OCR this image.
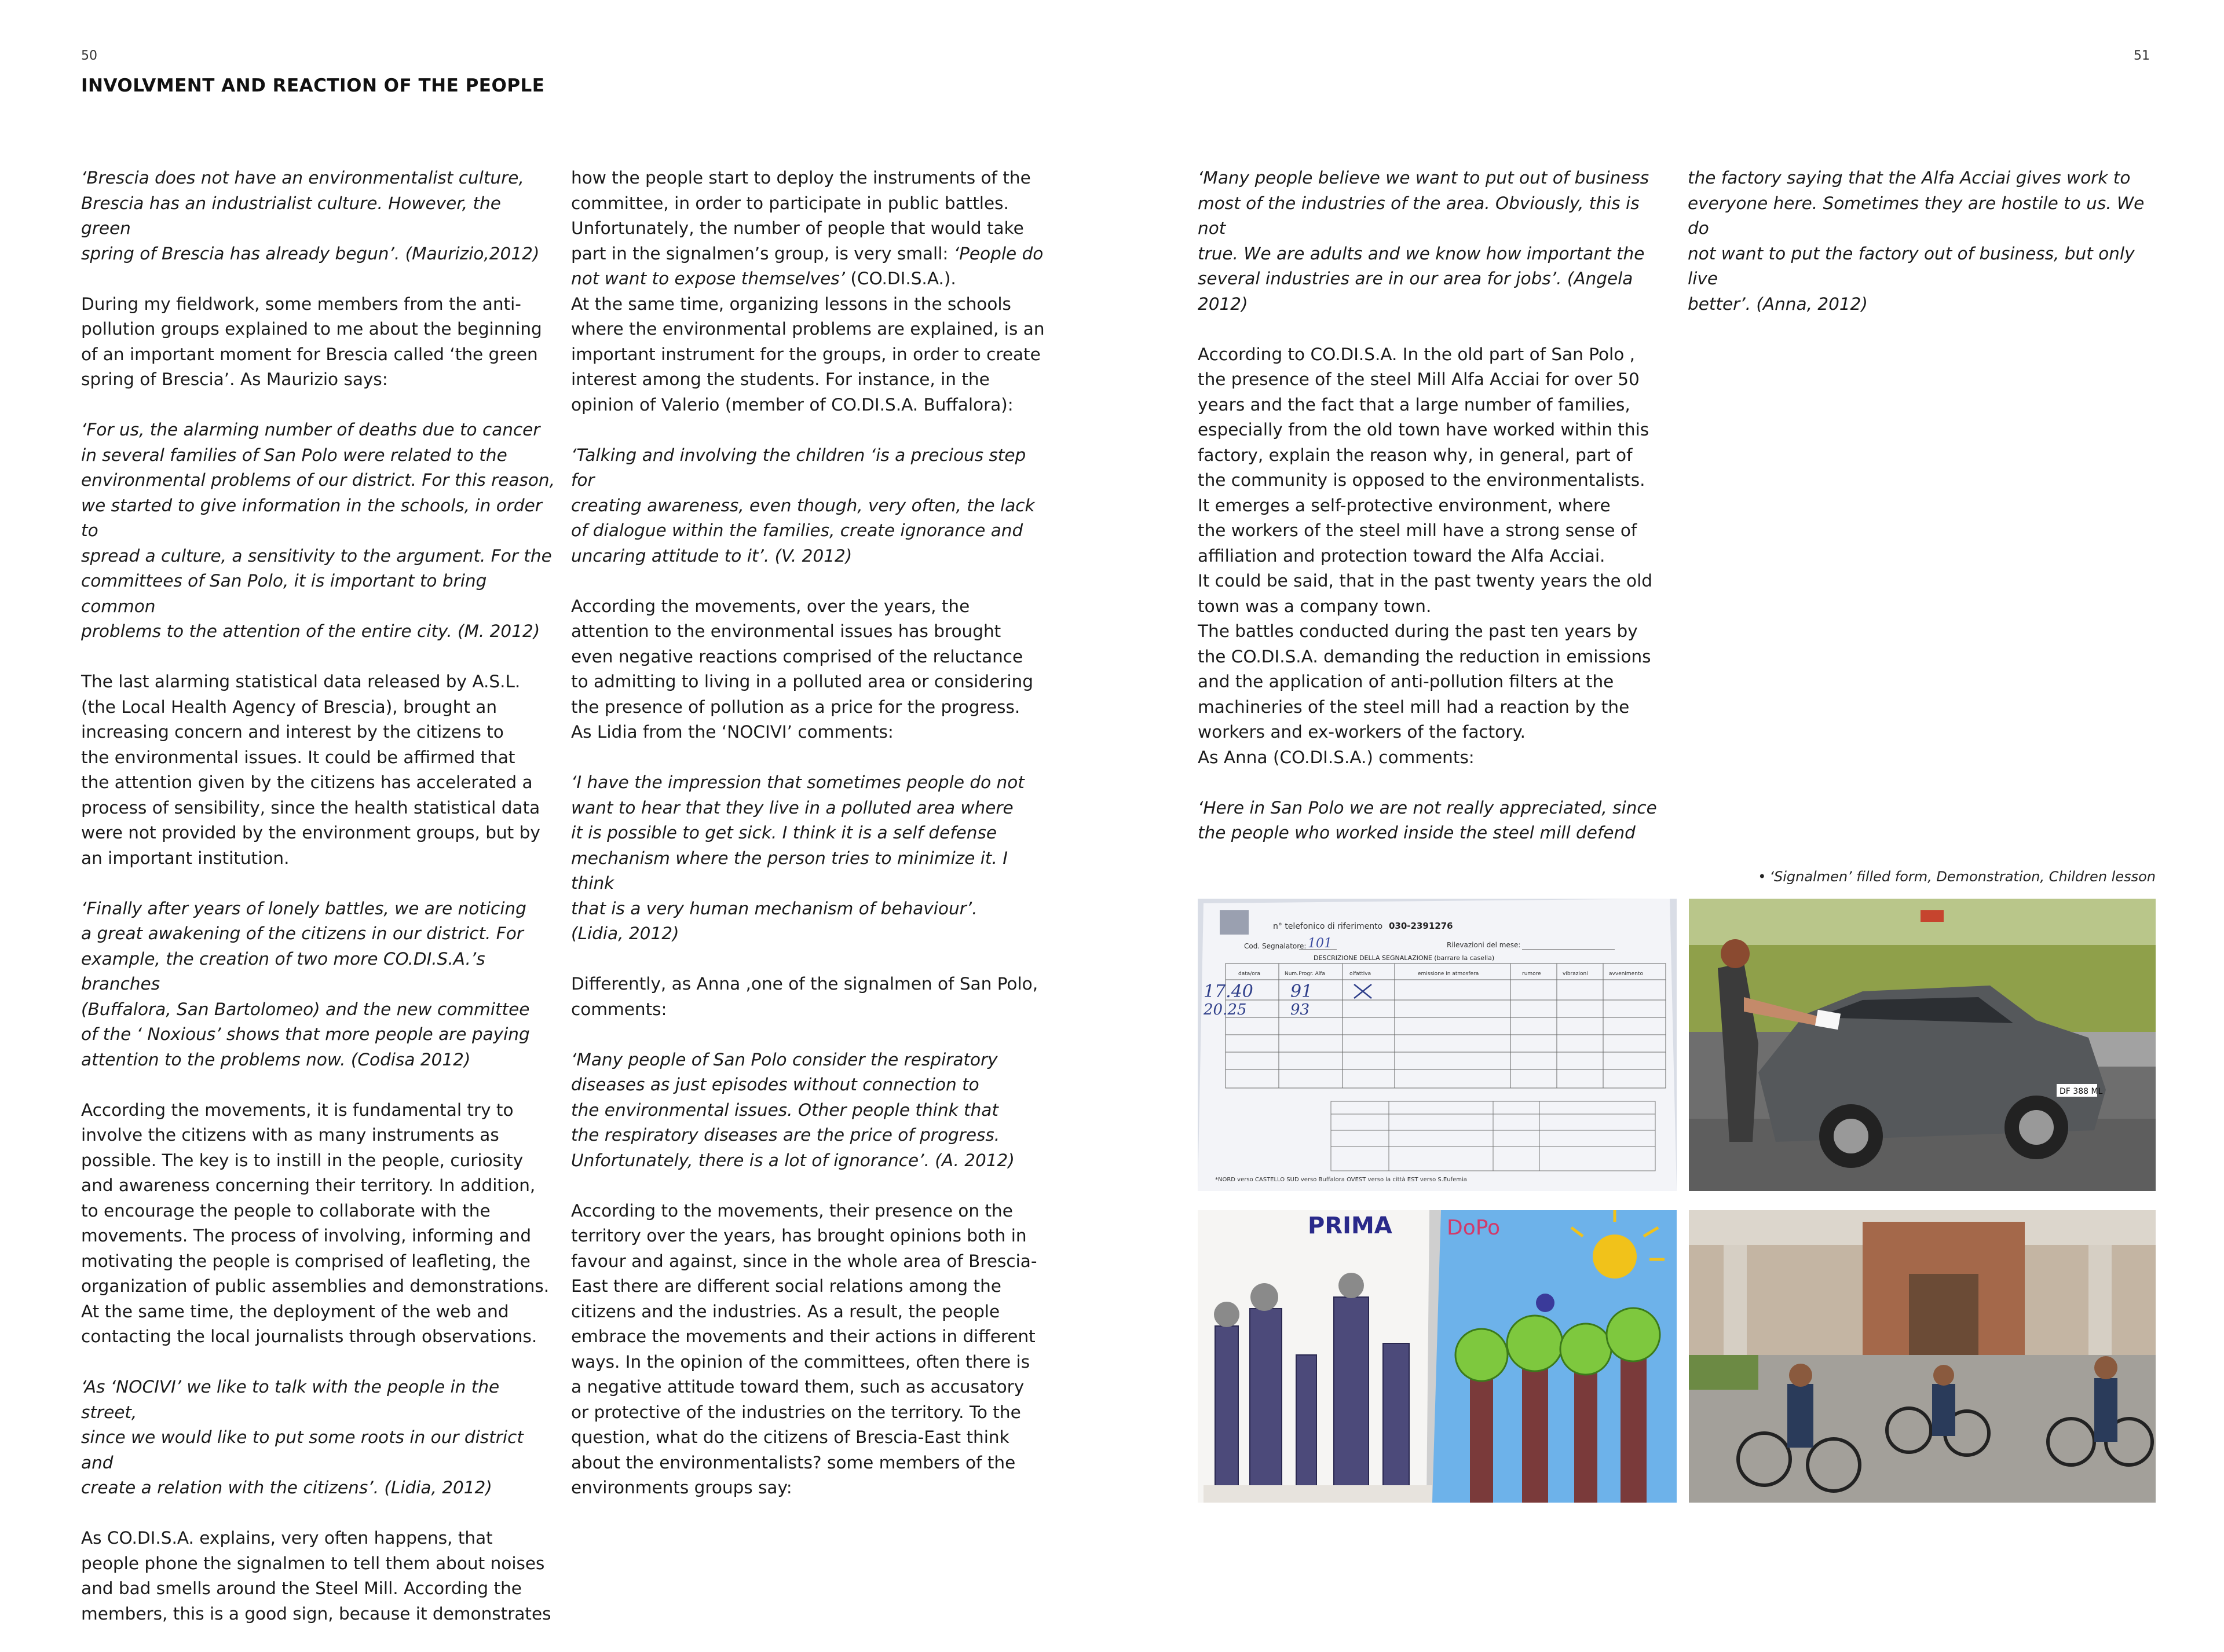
50
INVOLVMENT AND REACTION OF THE PEOPLE

‘Brescia does not have an environmentalist culture,
Brescia has an industrialist culture. However, the green
spring of Brescia has already begun’. (Maurizio,2012)

During my fieldwork, some members from the anti-
pollution groups explained to me about the beginning
of an important moment for Brescia called ‘the green
spring of Brescia’. As Maurizio says:

‘For us, the alarming number of deaths due to cancer
in several families of San Polo were related to the
environmental problems of our district. For this reason,
we started to give information in the schools, in order to
spread a culture, a sensitivity to the argument. For the
committees of San Polo, it is important to bring common
problems to the attention of the entire city. (M. 2012)

The last alarming statistical data released by A.S.L.
(the Local Health Agency of Brescia), brought an
increasing concern and interest by the citizens to
the environmental issues. It could be affirmed that
the attention given by the citizens has accelerated a
process of sensibility, since the health statistical data
were not provided by the environment groups, but by
an important institution.

‘Finally after years of lonely battles, we are noticing
a great awakening of the citizens in our district. For
example, the creation of two more CO.DI.S.A.’s branches
(Buffalora, San Bartolomeo) and the new committee
of the ‘ Noxious’ shows that more people are paying
attention to the problems now. (Codisa 2012)

According the movements, it is fundamental try to
involve the citizens with as many instruments as
possible. The key is to instill in the people, curiosity
and awareness concerning their territory. In addition,
to encourage the people to collaborate with the
movements. The process of involving, informing and
motivating the people is comprised of leafleting, the
organization of public assemblies and demonstrations.
At the same time, the deployment of the web and
contacting the local journalists through observations.

‘As ‘NOCIVI’ we like to talk with the people in the street,
since we would like to put some roots in our district and
create a relation with the citizens’. (Lidia, 2012)

As CO.DI.S.A. explains, very often happens, that
people phone the signalmen to tell them about noises
and bad smells around the Steel Mill. According the
members, this is a good sign, because it demonstrates

how the people start to deploy the instruments of the
committee, in order to participate in public battles.
Unfortunately, the number of people that would take
part in the signalmen’s group, is very small: ‘People do
not want to expose themselves’ (CO.DI.S.A.).

At the same time, organizing lessons in the schools
where the environmental problems are explained, is an
important instrument for the groups, in order to create
interest among the students. For instance, in the
opinion of Valerio (member of CO.DI.S.A. Buffalora):

‘Talking and involving the children ‘is a precious step for
creating awareness, even though, very often, the lack
of dialogue within the families, create ignorance and
uncaring attitude to it’. (V. 2012)

According the movements, over the years, the
attention to the environmental issues has brought
even negative reactions comprised of the reluctance
to admitting to living in a polluted area or considering
the presence of pollution as a price for the progress.
As Lidia from the ‘NOCIVI’ comments:

‘I have the impression that sometimes people do not
want to hear that they live in a polluted area where
it is possible to get sick. I think it is a self defense
mechanism where the person tries to minimize it. I think
that is a very human mechanism of behaviour’.
(Lidia, 2012)

Differently, as Anna ,one of the signalmen of San Polo,
comments:

‘Many people of San Polo consider the respiratory
diseases as just episodes without connection to
the environmental issues. Other people think that
the respiratory diseases are the price of progress.
Unfortunately, there is a lot of ignorance’. (A. 2012)

According to the movements, their presence on the
territory over the years, has brought opinions both in
favour and against, since in the whole area of Brescia-
East there are different social relations among the
citizens and the industries. As a result, the people
embrace the movements and their actions in different
ways. In the opinion of the committees, often there is
a negative attitude toward them, such as accusatory
or protective of the industries on the territory. To the
question, what do the citizens of Brescia-East think
about the environmentalists? some members of the
environments groups say:

51

‘Many people believe we want to put out of business
most of the industries of the area. Obviously, this is not
true. We are adults and we know how important the
several industries are in our area for jobs’. (Angela 2012)

According to CO.DI.S.A. In the old part of San Polo ,
the presence of the steel Mill Alfa Acciai for over 50
years and the fact that a large number of families,
especially from the old town have worked within this
factory, explain the reason why, in general, part of
the community is opposed to the environmentalists.
It emerges a self-protective environment, where
the workers of the steel mill have a strong sense of
affiliation and protection toward the Alfa Acciai.
It could be said, that in the past twenty years the old
town was a company town.
The battles conducted during the past ten years by
the CO.DI.S.A. demanding the reduction in emissions
and the application of anti-pollution filters at the
machineries of the steel mill had a reaction by the
workers and ex-workers of the factory.
As Anna (CO.DI.S.A.) comments:

‘Here in San Polo we are not really appreciated, since
the people who worked inside the steel mill defend

the factory saying that the Alfa Acciai gives work to
everyone here. Sometimes they are hostile to us. We do
not want to put the factory out of business, but only live
better’. (Anna, 2012)

• ‘Signalmen’ filled form, Demonstration, Children lesson
n° telefonico di riferimento 030-2391276
Cod. Segnalatore: 101	Rilevazioni del mese:
DESCRIZIONE DELLA SEGNALAZIONE (barrare la casella)
data/ora	Num.Progr. Alfa	olfattiva	emissione in atmosfera	rumore	vibrazioni	avvenimento
17.40 91
20.25	93
*NORD verso CASTELLO SUD verso Buffalora OVEST verso la città EST verso S.Eufemia
DF 388 ML
PRIMA	DoPo
